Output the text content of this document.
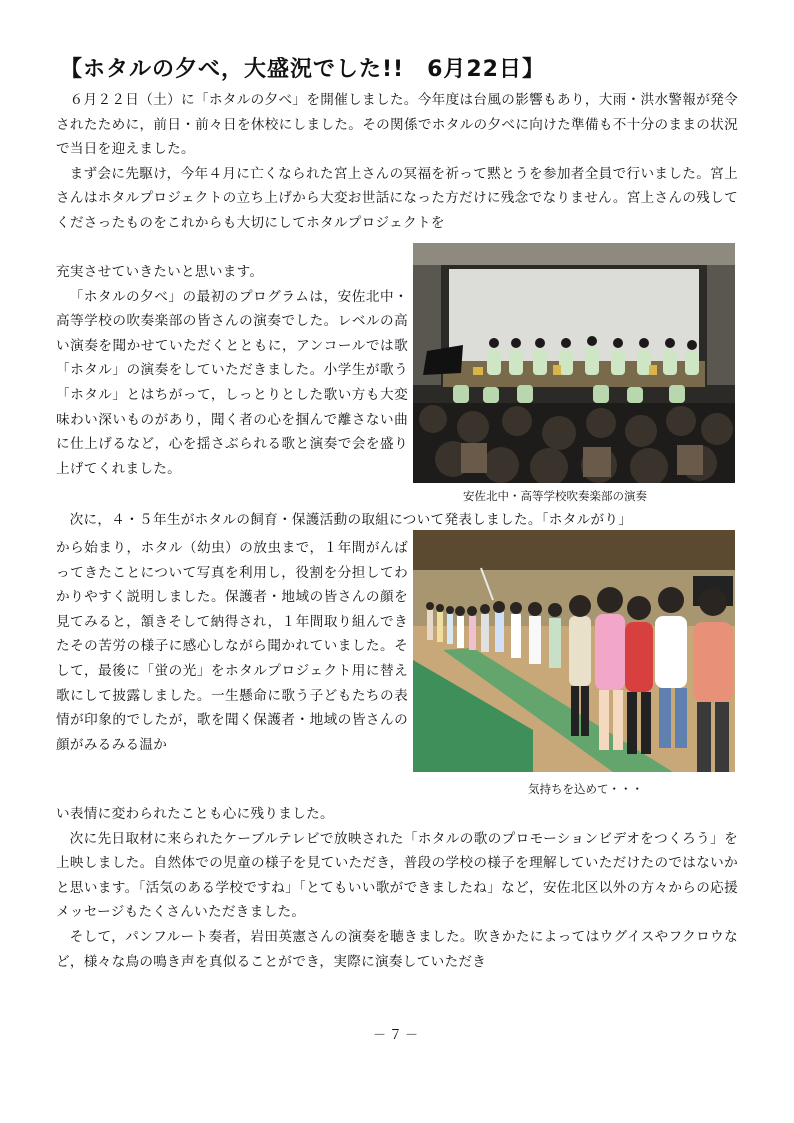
【ホタルの夕べ，大盛況でした!!　6月22日】

６月２２日（土）に「ホタルの夕べ」を開催しました。今年度は台風の影響もあり，大雨・洪水警報が発令されたために，前日・前々日を休校にしました。その関係でホタルの夕べに向けた準備も不十分のままの状況で当日を迎えました。

まず会に先駆け，今年４月に亡くなられた宮上さんの冥福を祈って黙とうを参加者全員で行いました。宮上さんはホタルプロジェクトの立ち上げから大変お世話になった方だけに残念でなりません。宮上さんの残してくださったものをこれからも大切にしてホタルプロジェクトを

充実させていきたいと思います。

「ホタルの夕べ」の最初のプログラムは，安佐北中・高等学校の吹奏楽部の皆さんの演奏でした。レベルの高い演奏を聞かせていただくとともに，アンコールでは歌「ホタル」の演奏をしていただきました。小学生が歌う「ホタル」とはちがって，しっとりとした歌い方も大変味わい深いものがあり，聞く者の心を掴んで離さない曲に仕上げるなど，心を揺さぶられる歌と演奏で会を盛り上げてくれました。

安佐北中・高等学校吹奏楽部の演奏

次に，４・５年生がホタルの飼育・保護活動の取組について発表しました。「ホタルがり」

から始まり，ホタル（幼虫）の放虫まで，１年間がんばってきたことについて写真を利用し，役割を分担してわかりやすく説明しました。保護者・地域の皆さんの顔を見てみると，頷きそして納得され，１年間取り組んできたその苦労の様子に感心しながら聞かれていました。そして，最後に「蛍の光」をホタルプロジェクト用に替え歌にして披露しました。一生懸命に歌う子どもたちの表情が印象的でしたが，歌を聞く保護者・地域の皆さんの顔がみるみる温か

気持ちを込めて・・・

い表情に変わられたことも心に残りました。

次に先日取材に来られたケーブルテレビで放映された「ホタルの歌のプロモーションビデオをつくろう」を上映しました。自然体での児童の様子を見ていただき，普段の学校の様子を理解していただけたのではないかと思います。「活気のある学校ですね」「とてもいい歌ができましたね」など，安佐北区以外の方々からの応援メッセージもたくさんいただきました。

そして，パンフルート奏者，岩田英憲さんの演奏を聴きました。吹きかたによってはウグイスやフクロウなど，様々な鳥の鳴き声を真似ることができ，実際に演奏していただき

－７－
